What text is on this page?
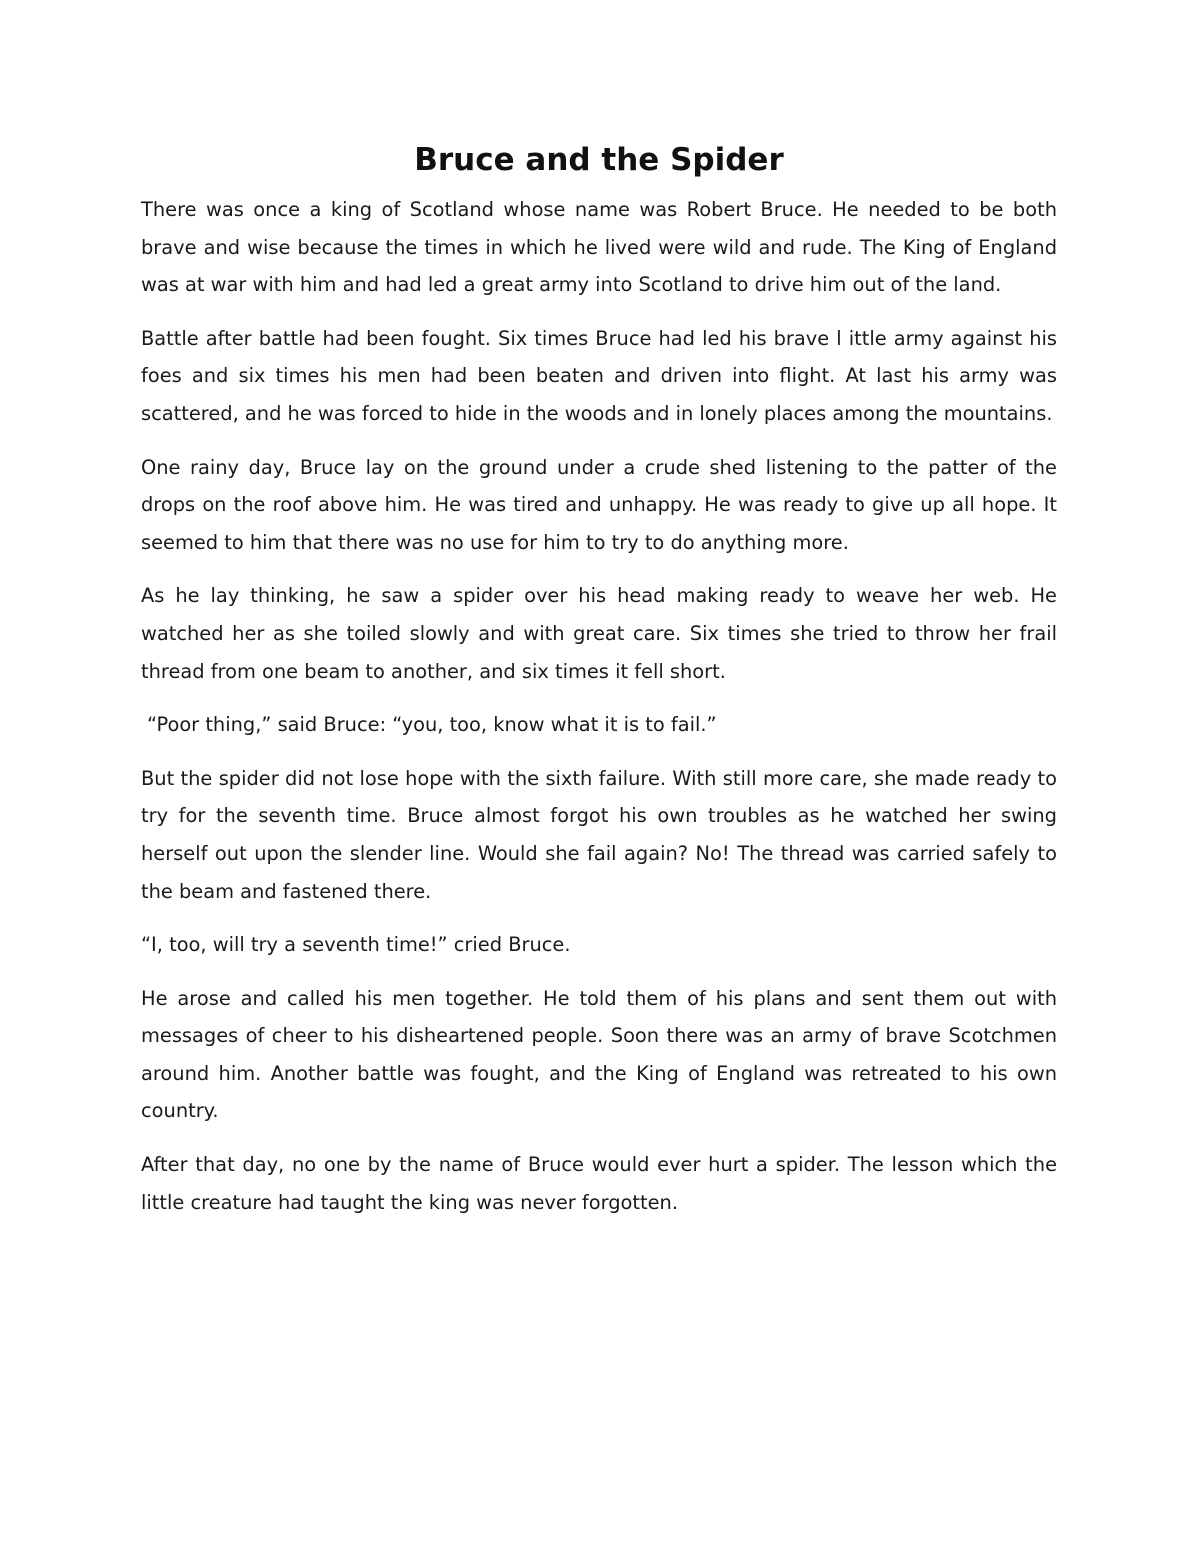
Bruce and the Spider

There was once a king of Scotland whose name was Robert Bruce. He needed to be both brave and wise because the times in which he lived were wild and rude. The King of England was at war with him and had led a great army into Scotland to drive him out of the land.

Battle after battle had been fought. Six times Bruce had led his brave l ittle army against his foes and six times his men had been beaten and driven into flight. At last his army was scattered, and he was forced to hide in the woods and in lonely places among the mountains.

One rainy day, Bruce lay on the ground under a crude shed listening to the patter of the drops on the roof above him. He was tired and unhappy. He was ready to give up all hope. It seemed to him that there was no use for him to try to do anything more.

As he lay thinking, he saw a spider over his head making ready to weave her web. He watched her as she toiled slowly and with great care. Six times she tried to throw her frail thread from one beam to another, and six times it fell short.

“Poor thing,” said Bruce: “you, too, know what it is to fail.”

But the spider did not lose hope with the sixth failure. With still more care, she made ready to try for the seventh time. Bruce almost forgot his own troubles as he watched her swing herself out upon the slender line. Would she fail again? No! The thread was carried safely to the beam and fastened there.

“I, too, will try a seventh time!” cried Bruce.

He arose and called his men together. He told them of his plans and sent them out with messages of cheer to his disheartened people. Soon there was an army of brave Scotchmen around him. Another battle was fought, and the King of England was retreated to his own country.

After that day, no one by the name of Bruce would ever hurt a spider. The lesson which the little creature had taught the king was never forgotten.
